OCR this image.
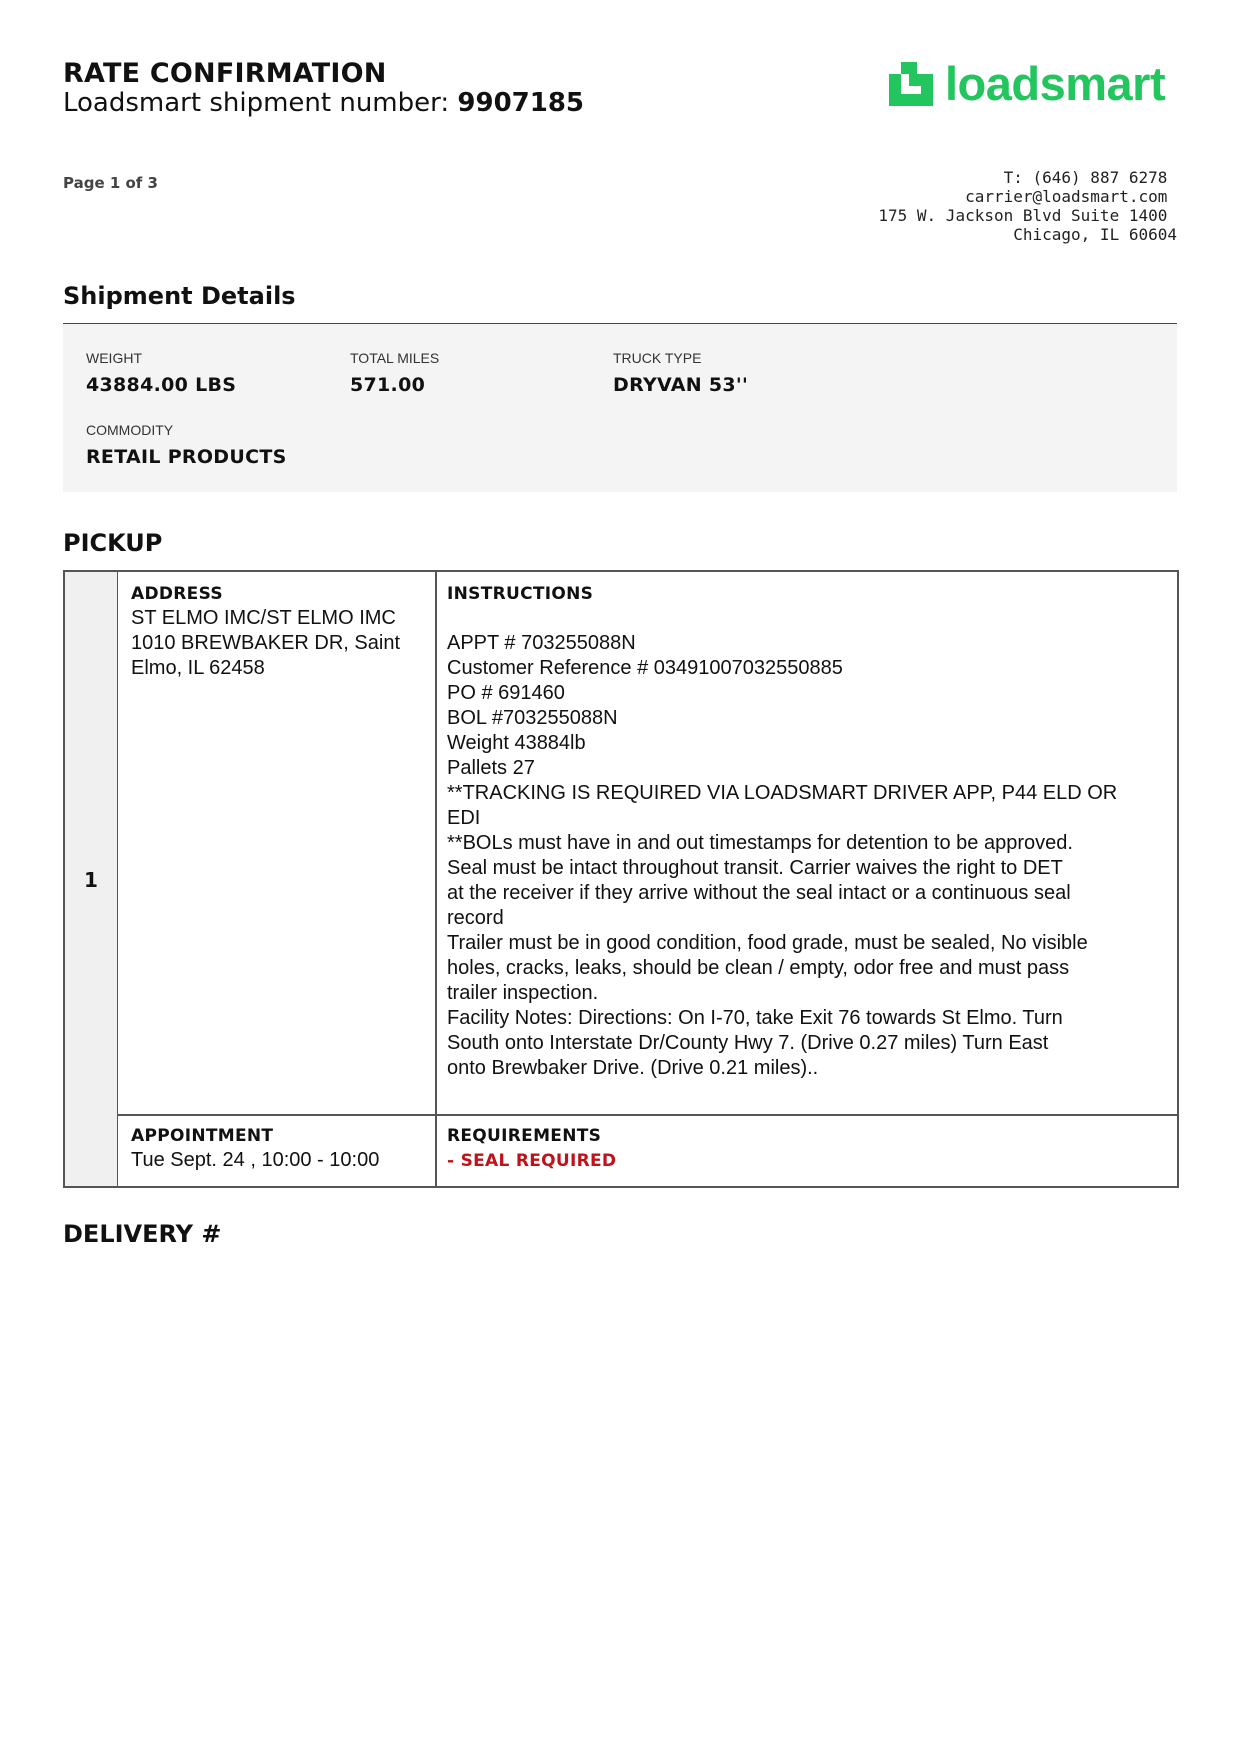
RATE CONFIRMATION
Loadsmart shipment number: 9907185	loadsmart
Page 1 of 3	T: (646) 887 6278
carrier@loadsmart.com
175 W. Jackson Blvd Suite 1400
Chicago, IL 60604
Shipment Details
WEIGHT
43884.00 LBS
TOTAL MILES
571.00
TRUCK TYPE
DRYVAN 53''
COMMODITY
RETAIL PRODUCTS
PICKUP
1
ADDRESS
ST ELMO IMC/ST ELMO IMC
1010 BREWBAKER DR, Saint
Elmo, IL 62458
INSTRUCTIONS
APPT # 703255088N
Customer Reference # 03491007032550885
PO # 691460
BOL #703255088N
Weight 43884lb
Pallets 27
**TRACKING IS REQUIRED VIA LOADSMART DRIVER APP, P44 ELD OR
EDI
**BOLs must have in and out timestamps for detention to be approved.
Seal must be intact throughout transit. Carrier waives the right to DET
at the receiver if they arrive without the seal intact or a continuous seal
record
Trailer must be in good condition, food grade, must be sealed, No visible
holes, cracks, leaks, should be clean / empty, odor free and must pass
trailer inspection.
Facility Notes: Directions: On I-70, take Exit 76 towards St Elmo. Turn
South onto Interstate Dr/County Hwy 7. (Drive 0.27 miles) Turn East
onto Brewbaker Drive. (Drive 0.21 miles)..
APPOINTMENT
Tue Sept. 24 , 10:00 - 10:00
REQUIREMENTS
- SEAL REQUIRED
DELIVERY #
